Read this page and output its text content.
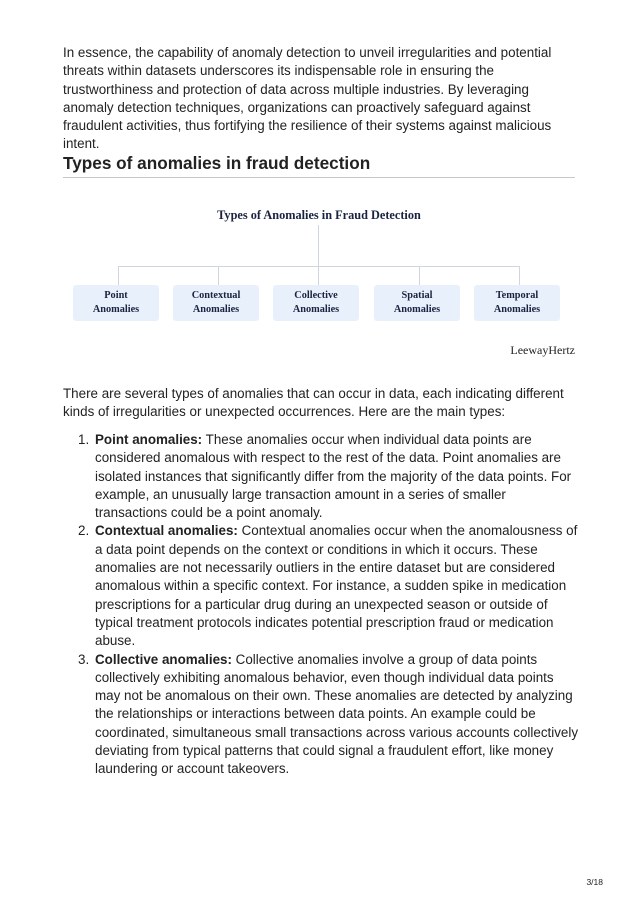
In essence, the capability of anomaly detection to unveil irregularities and potential threats within datasets underscores its indispensable role in ensuring the trustworthiness and protection of data across multiple industries. By leveraging anomaly detection techniques, organizations can proactively safeguard against fraudulent activities, thus fortifying the resilience of their systems against malicious intent.

Types of anomalies in fraud detection
Types of Anomalies in Fraud Detection
Point
Anomalies
Contextual
Anomalies
Collective
Anomalies
Spatial
Anomalies
Temporal
Anomalies
LeewayHertz

There are several types of anomalies that can occur in data, each indicating different kinds of irregularities or unexpected occurrences. Here are the main types:

1. Point anomalies: These anomalies occur when individual data points are considered anomalous with respect to the rest of the data. Point anomalies are isolated instances that significantly differ from the majority of the data points. For example, an unusually large transaction amount in a series of smaller transactions could be a point anomaly.
2. Contextual anomalies: Contextual anomalies occur when the anomalousness of a data point depends on the context or conditions in which it occurs. These anomalies are not necessarily outliers in the entire dataset but are considered anomalous within a specific context. For instance, a sudden spike in medication prescriptions for a particular drug during an unexpected season or outside of typical treatment protocols indicates potential prescription fraud or medication abuse.
3. Collective anomalies: Collective anomalies involve a group of data points collectively exhibiting anomalous behavior, even though individual data points may not be anomalous on their own. These anomalies are detected by analyzing the relationships or interactions between data points. An example could be coordinated, simultaneous small transactions across various accounts collectively deviating from typical patterns that could signal a fraudulent effort, like money laundering or account takeovers.
3/18
